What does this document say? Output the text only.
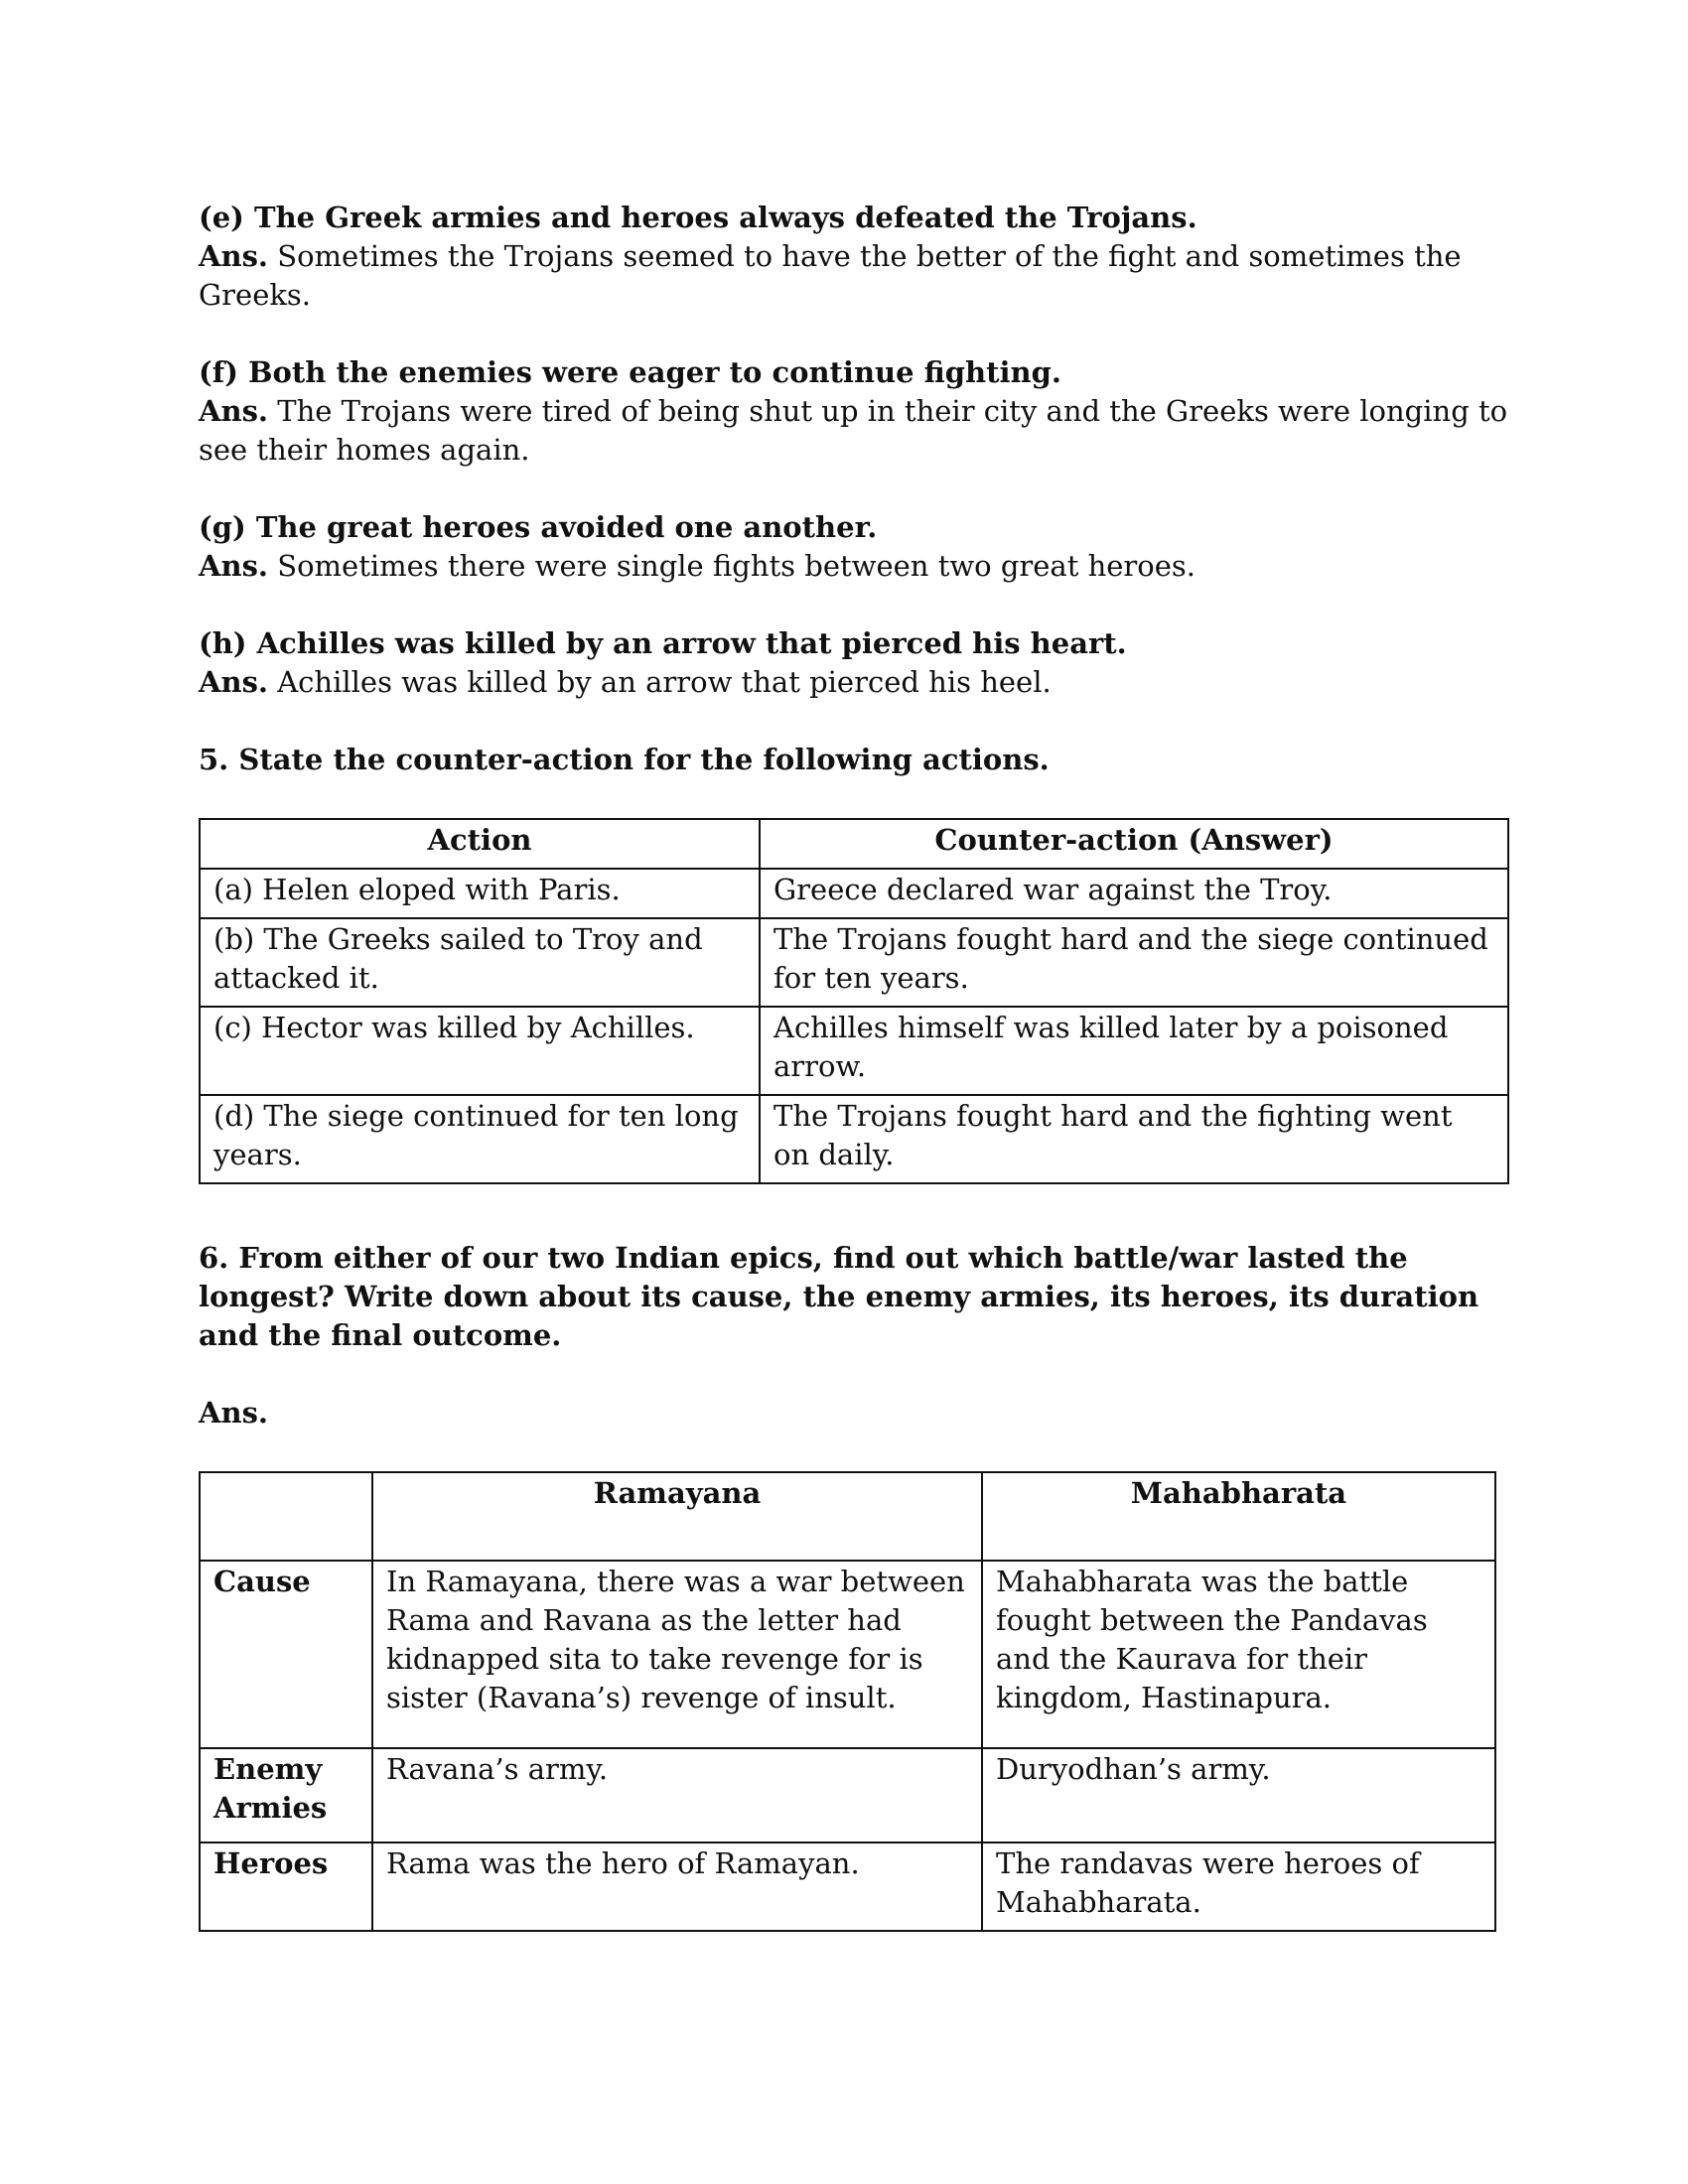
(e) The Greek armies and heroes always defeated the Trojans.

Ans. Sometimes the Trojans seemed to have the better of the fight and sometimes the Greeks.

(f) Both the enemies were eager to continue fighting.

Ans. The Trojans were tired of being shut up in their city and the Greeks were longing to see their homes again.

(g) The great heroes avoided one another.

Ans. Sometimes there were single fights between two great heroes.

(h) Achilles was killed by an arrow that pierced his heart.

Ans. Achilles was killed by an arrow that pierced his heel.

5. State the counter-action for the following actions.

Action	Counter-action (Answer)
(a) Helen eloped with Paris.	Greece declared war against the Troy.
(b) The Greeks sailed to Troy and attacked it.	The Trojans fought hard and the siege continued for ten years.
(c) Hector was killed by Achilles.	Achilles himself was killed later by a poisoned arrow.
(d) The siege continued for ten long years.	The Trojans fought hard and the fighting went on daily.

6. From either of our two Indian epics, find out which battle/war lasted the longest? Write down about its cause, the enemy armies, its heroes, its duration and the final outcome.

Ans.

	Ramayana	Mahabharata
Cause	In Ramayana, there was a war between Rama and Ravana as the letter had kidnapped sita to take revenge for is sister (Ravana’s) revenge of insult.	Mahabharata was the battle fought between the Pandavas and the Kaurava for their kingdom, Hastinapura.
Enemy Armies	Ravana’s army.	Duryodhan’s army.
Heroes	Rama was the hero of Ramayan.	The randavas were heroes of Mahabharata.
